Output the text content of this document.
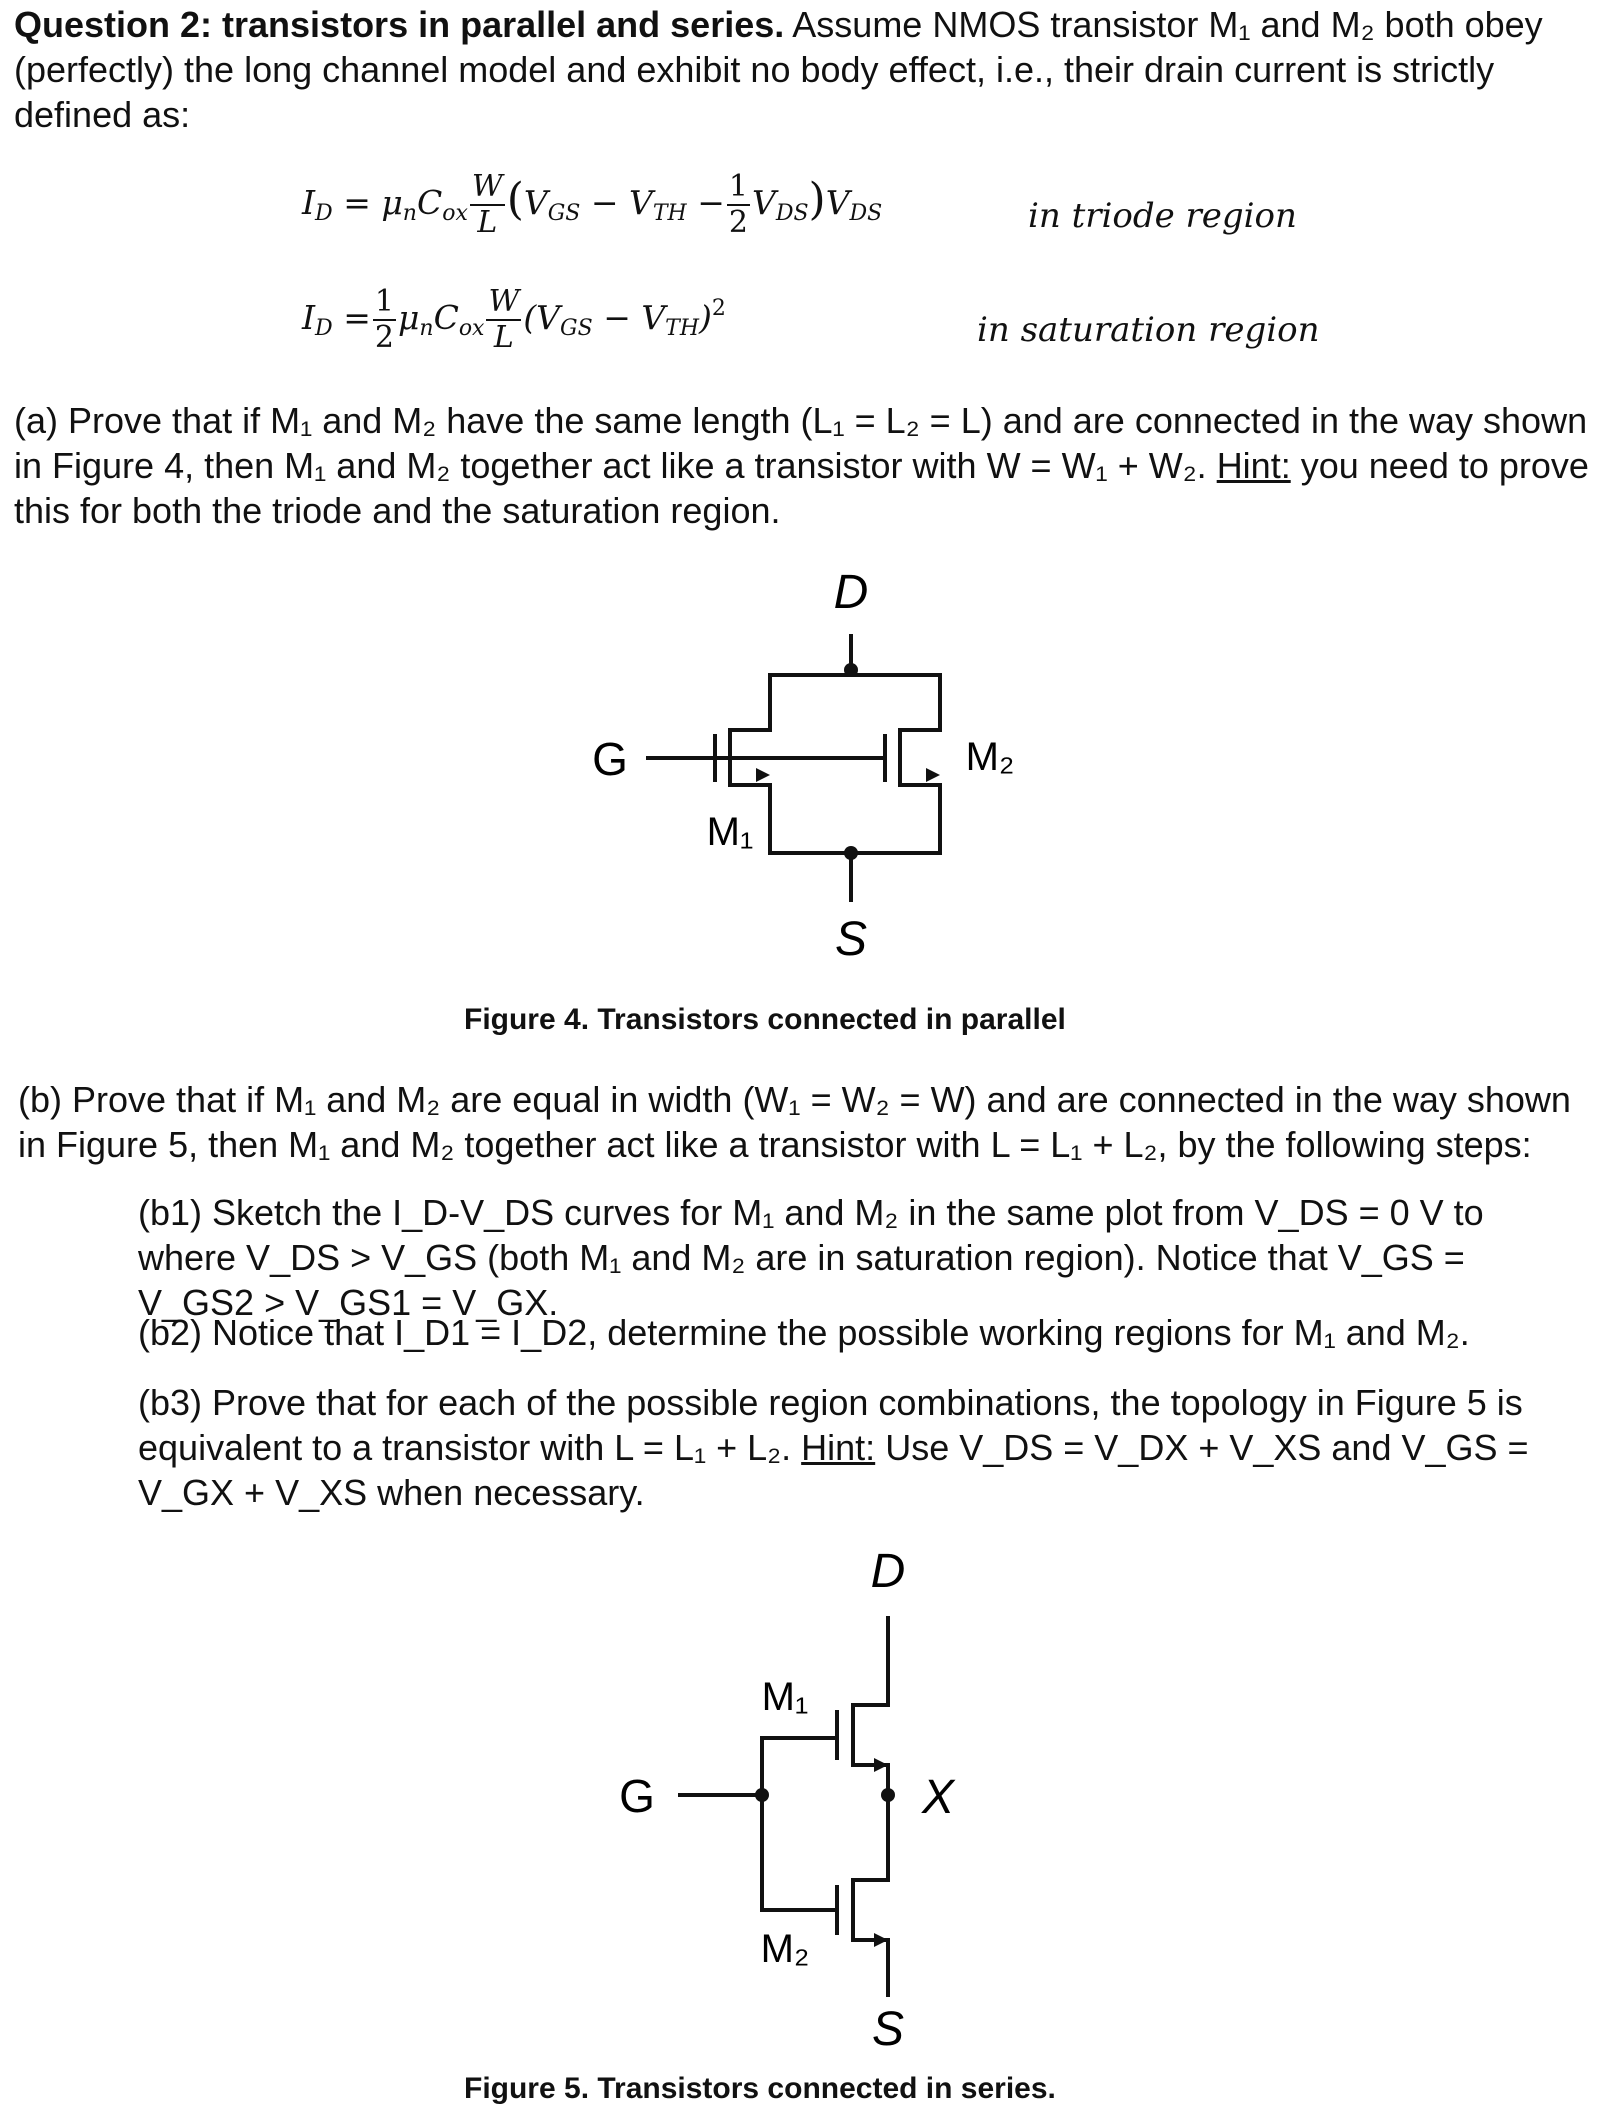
Question 2: transistors in parallel and series. Assume NMOS transistor M₁ and M₂ both obey (perfectly) the long channel model and exhibit no body effect, i.e., their drain current is strictly defined as:

$I_D = \mu_nC_{ox} \frac{W}{L} (V_{GS} - V_{TH} - \frac{1}{2} V_{DS})V_{DS}$	in triode region
$I_D = \frac{1}{2} \mu_nC_{ox} \frac{W}{L} (V_{GS} - V_{TH})^2$
in saturation region

(a) Prove that if M₁ and M₂ have the same length (L₁ = L₂ = L) and are connected in the way shown in Figure 4, then M₁ and M₂ together act like a transistor with W = W₁ + W₂. Hint: you need to prove this for both the triode and the saturation region.

D
G
S
M₁
M₂
Figure 4. Transistors connected in parallel

(b) Prove that if M₁ and M₂ are equal in width (W₁ = W₂ = W) and are connected in the way shown in Figure 5, then M₁ and M₂ together act like a transistor with L = L₁ + L₂, by the following steps:

(b1) Sketch the I_D-V_DS curves for M₁ and M₂ in the same plot from V_DS = 0 V to where V_DS > V_GS (both M₁ and M₂ are in saturation region). Notice that V_GS = V_GS2 > V_GS1 = V_GX.

(b2) Notice that I_D1 = I_D2, determine the possible working regions for M₁ and M₂.

(b3) Prove that for each of the possible region combinations, the topology in Figure 5 is equivalent to a transistor with L = L₁ + L₂. Hint: Use V_DS = V_DX + V_XS and V_GS = V_GX + V_XS when necessary.

D
G	X
S
M₁
M₂
Figure 5. Transistors connected in series.
